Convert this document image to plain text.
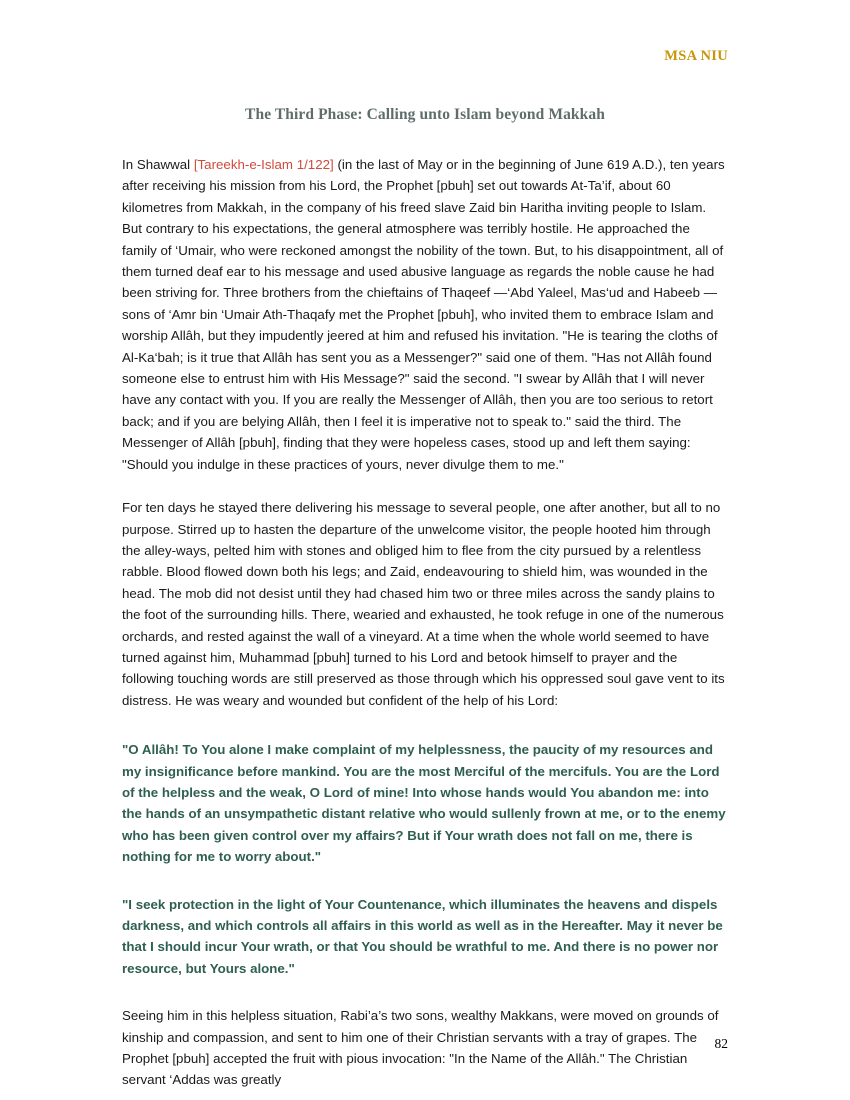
MSA NIU
The Third Phase: Calling unto Islam beyond Makkah

In Shawwal [Tareekh-e-Islam 1/122] (in the last of May or in the beginning of June 619 A.D.), ten years after receiving his mission from his Lord, the Prophet [pbuh] set out towards At-Ta’if, about 60 kilometres from Makkah, in the company of his freed slave Zaid bin Haritha inviting people to Islam. But contrary to his expectations, the general atmosphere was terribly hostile. He approached the family of ‘Umair, who were reckoned amongst the nobility of the town. But, to his disappointment, all of them turned deaf ear to his message and used abusive language as regards the noble cause he had been striving for. Three brothers from the chieftains of Thaqeef —‘Abd Yaleel, Mas‘ud and Habeeb — sons of ‘Amr bin ‘Umair Ath-Thaqafy met the Prophet [pbuh], who invited them to embrace Islam and worship Allâh, but they impudently jeered at him and refused his invitation. "He is tearing the cloths of Al-Ka‘bah; is it true that Allâh has sent you as a Messenger?" said one of them. "Has not Allâh found someone else to entrust him with His Message?" said the second. "I swear by Allâh that I will never have any contact with you. If you are really the Messenger of Allâh, then you are too serious to retort back; and if you are belying Allâh, then I feel it is imperative not to speak to." said the third. The Messenger of Allâh [pbuh], finding that they were hopeless cases, stood up and left them saying: "Should you indulge in these practices of yours, never divulge them to me."

For ten days he stayed there delivering his message to several people, one after another, but all to no purpose. Stirred up to hasten the departure of the unwelcome visitor, the people hooted him through the alley-ways, pelted him with stones and obliged him to flee from the city pursued by a relentless rabble. Blood flowed down both his legs; and Zaid, endeavouring to shield him, was wounded in the head. The mob did not desist until they had chased him two or three miles across the sandy plains to the foot of the surrounding hills. There, wearied and exhausted, he took refuge in one of the numerous orchards, and rested against the wall of a vineyard. At a time when the whole world seemed to have turned against him, Muhammad [pbuh] turned to his Lord and betook himself to prayer and the following touching words are still preserved as those through which his oppressed soul gave vent to its distress. He was weary and wounded but confident of the help of his Lord:

"O Allâh! To You alone I make complaint of my helplessness, the paucity of my resources and my insignificance before mankind. You are the most Merciful of the mercifuls. You are the Lord of the helpless and the weak, O Lord of mine! Into whose hands would You abandon me: into the hands of an unsympathetic distant relative who would sullenly frown at me, or to the enemy who has been given control over my affairs? But if Your wrath does not fall on me, there is nothing for me to worry about."

"I seek protection in the light of Your Countenance, which illuminates the heavens and dispels darkness, and which controls all affairs in this world as well as in the Hereafter. May it never be that I should incur Your wrath, or that You should be wrathful to me. And there is no power nor resource, but Yours alone."

Seeing him in this helpless situation, Rabi’a’s two sons, wealthy Makkans, were moved on grounds of kinship and compassion, and sent to him one of their Christian servants with a tray of grapes. The Prophet [pbuh] accepted the fruit with pious invocation: "In the Name of the Allâh." The Christian servant ‘Addas was greatly

82
